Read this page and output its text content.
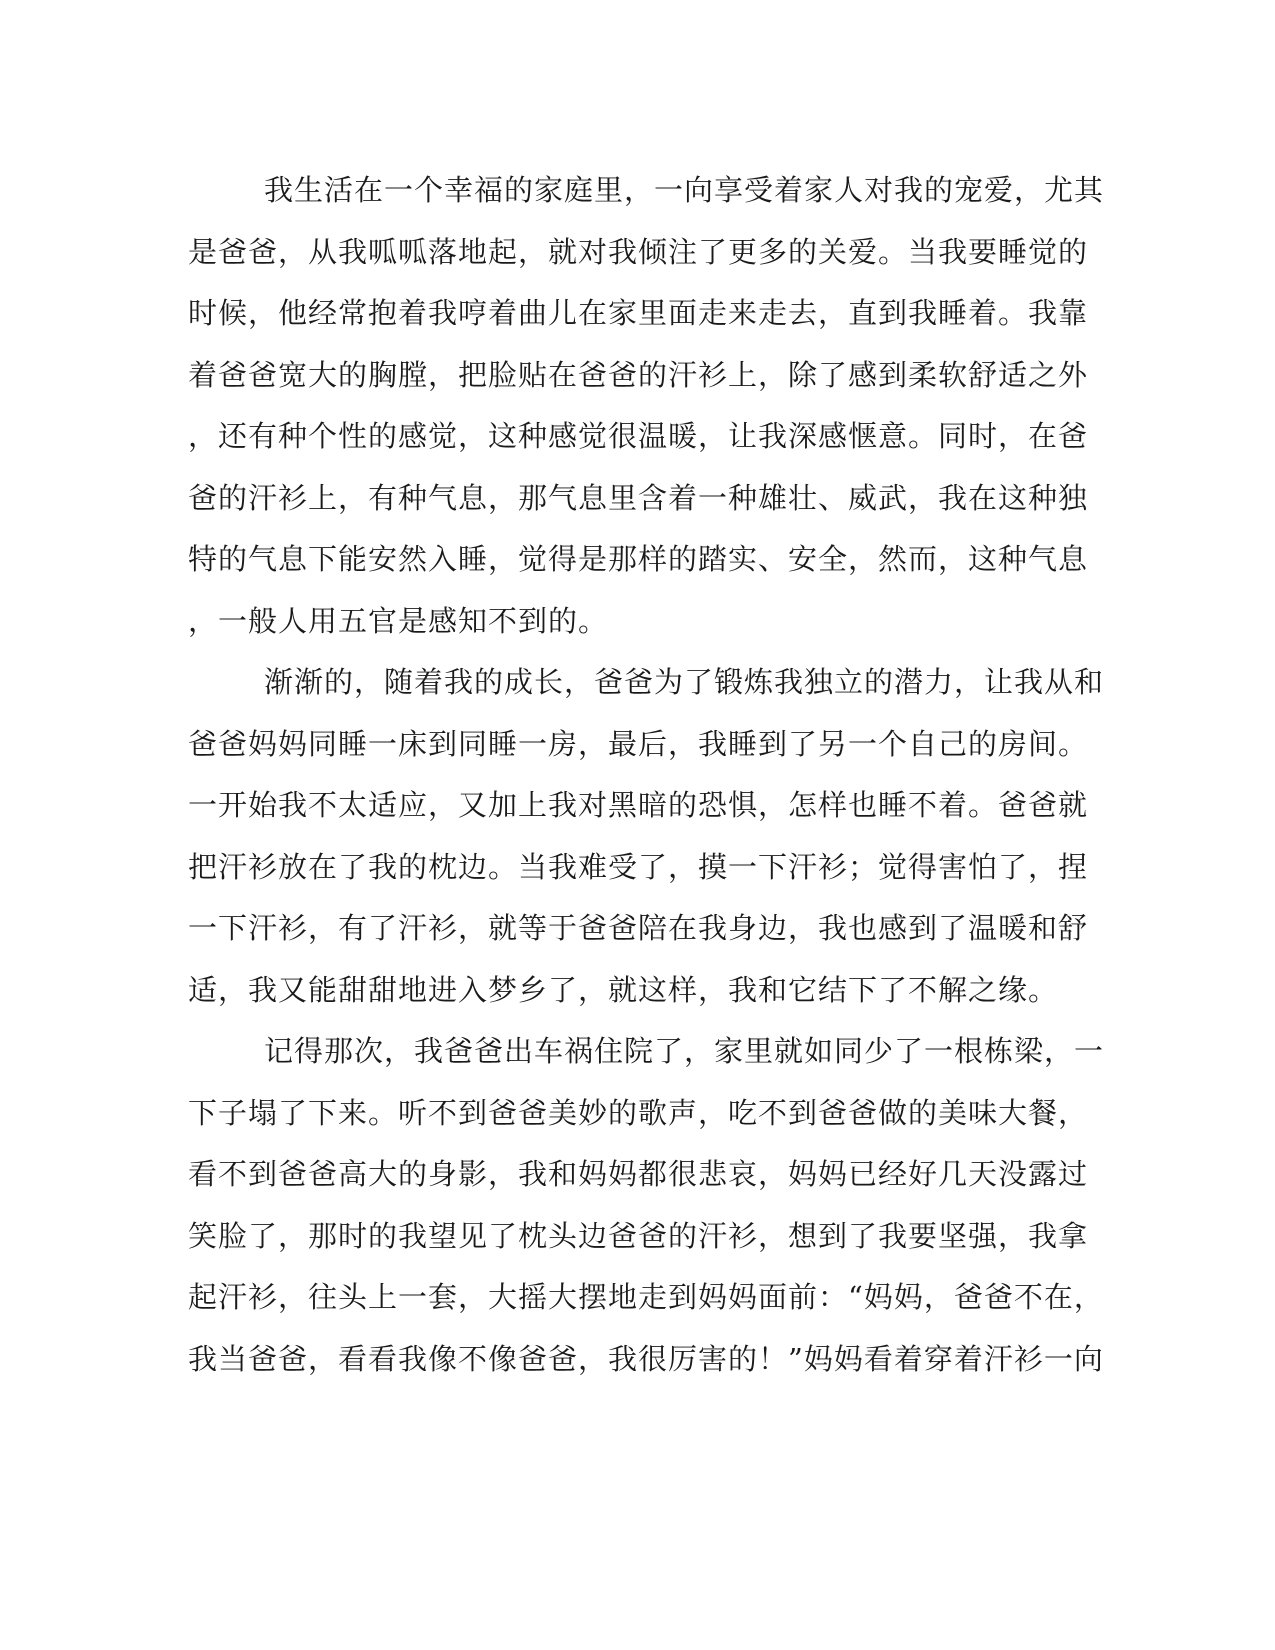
我生活在一个幸福的家庭里，一向享受着家人对我的宠爱，尤其
是爸爸，从我呱呱落地起，就对我倾注了更多的关爱。当我要睡觉的
时候，他经常抱着我哼着曲儿在家里面走来走去，直到我睡着。我靠
着爸爸宽大的胸膛，把脸贴在爸爸的汗衫上，除了感到柔软舒适之外
，还有种个性的感觉，这种感觉很温暖，让我深感惬意。同时，在爸
爸的汗衫上，有种气息，那气息里含着一种雄壮、威武，我在这种独
特的气息下能安然入睡，觉得是那样的踏实、安全，然而，这种气息
，一般人用五官是感知不到的。
渐渐的，随着我的成长，爸爸为了锻炼我独立的潜力，让我从和
爸爸妈妈同睡一床到同睡一房，最后，我睡到了另一个自己的房间。
一开始我不太适应，又加上我对黑暗的恐惧，怎样也睡不着。爸爸就
把汗衫放在了我的枕边。当我难受了，摸一下汗衫；觉得害怕了，捏
一下汗衫，有了汗衫，就等于爸爸陪在我身边，我也感到了温暖和舒
适，我又能甜甜地进入梦乡了，就这样，我和它结下了不解之缘。
记得那次，我爸爸出车祸住院了，家里就如同少了一根栋梁，一
下子塌了下来。听不到爸爸美妙的歌声，吃不到爸爸做的美味大餐，
看不到爸爸高大的身影，我和妈妈都很悲哀，妈妈已经好几天没露过
笑脸了，那时的我望见了枕头边爸爸的汗衫，想到了我要坚强，我拿
起汗衫，往头上一套，大摇大摆地走到妈妈面前：“妈妈，爸爸不在，
我当爸爸，看看我像不像爸爸，我很厉害的！”妈妈看着穿着汗衫一向
